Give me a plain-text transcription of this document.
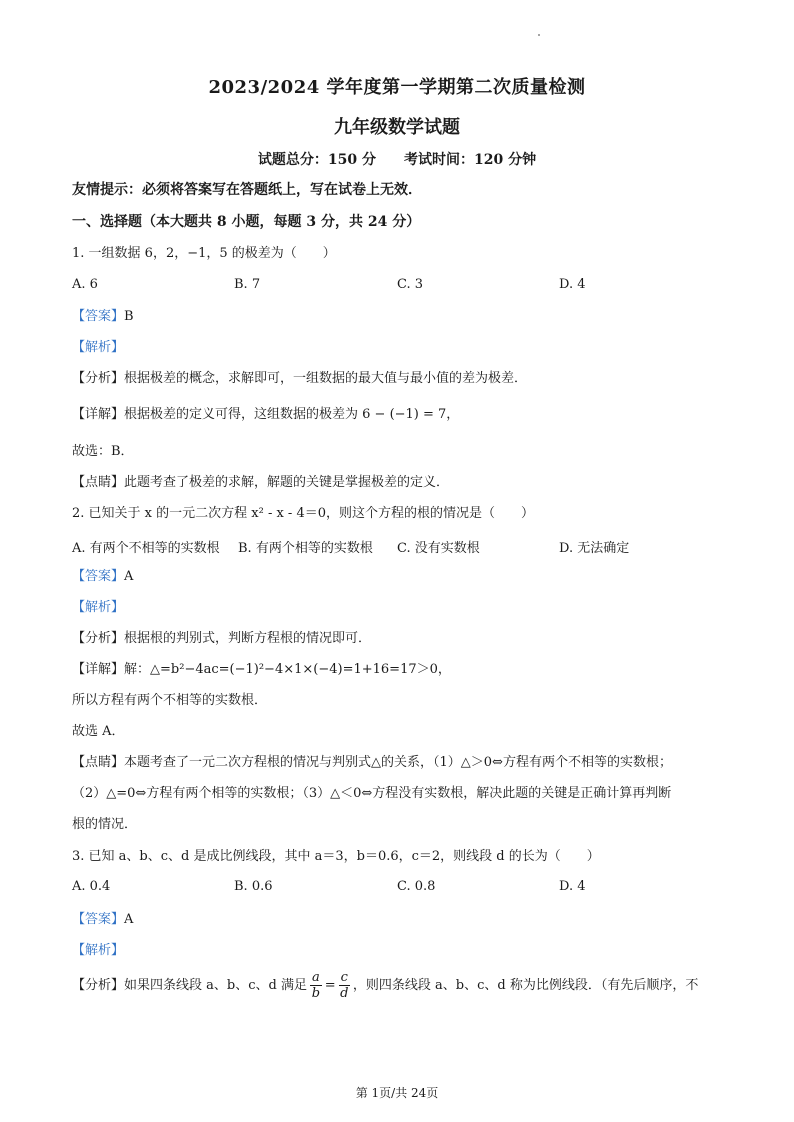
2023/2024 学年度第一学期第二次质量检测
九年级数学试题
试题总分：150 分 考试时间：120 分钟
友情提示：必须将答案写在答题纸上，写在试卷上无效．
一、选择题（本大题共 8 小题，每题 3 分，共 24 分）
1. 一组数据 6，2，−1，5 的极差为（　　）
A. 6	B. 7	C. 3	D. 4
【答案】B
【解析】
【分析】根据极差的概念，求解即可，一组数据的最大值与最小值的差为极差．
【详解】根据极差的定义可得，这组数据的极差为 6 − (−1) = 7，
故选：B．
【点睛】此题考查了极差的求解，解题的关键是掌握极差的定义．
2. 已知关于 x 的一元二次方程 x² - x - 4＝0，则这个方程的根的情况是（　　）
A. 有两个不相等的实数根 B. 有两个相等的实数根 C. 没有实数根	D. 无法确定
【答案】A
【解析】
【分析】根据根的判别式，判断方程根的情况即可．
【详解】解：△=b²−4ac=(−1)²−4×1×(−4)=1+16=17＞0，
所以方程有两个不相等的实数根．
故选 A．
【点睛】本题考查了一元二次方程根的情况与判别式△的关系，（1）△＞0⇔方程有两个不相等的实数根；
（2）△=0⇔方程有两个相等的实数根；（3）△＜0⇔方程没有实数根，解决此题的关键是正确计算再判断
根的情况．
3. 已知 a、b、c、d 是成比例线段，其中 a＝3，b＝0.6，c＝2，则线段 d 的长为（　　）
A. 0.4	B. 0.6	C. 0.8	D. 4
【答案】A
【解析】
【分析】如果四条线段 a、b、c、d 满足 $\frac{a}{b} = \frac{c}{d}$ ，则四条线段 a、b、c、d 称为比例线段．（有先后顺序，不
第 1页/共 24页
